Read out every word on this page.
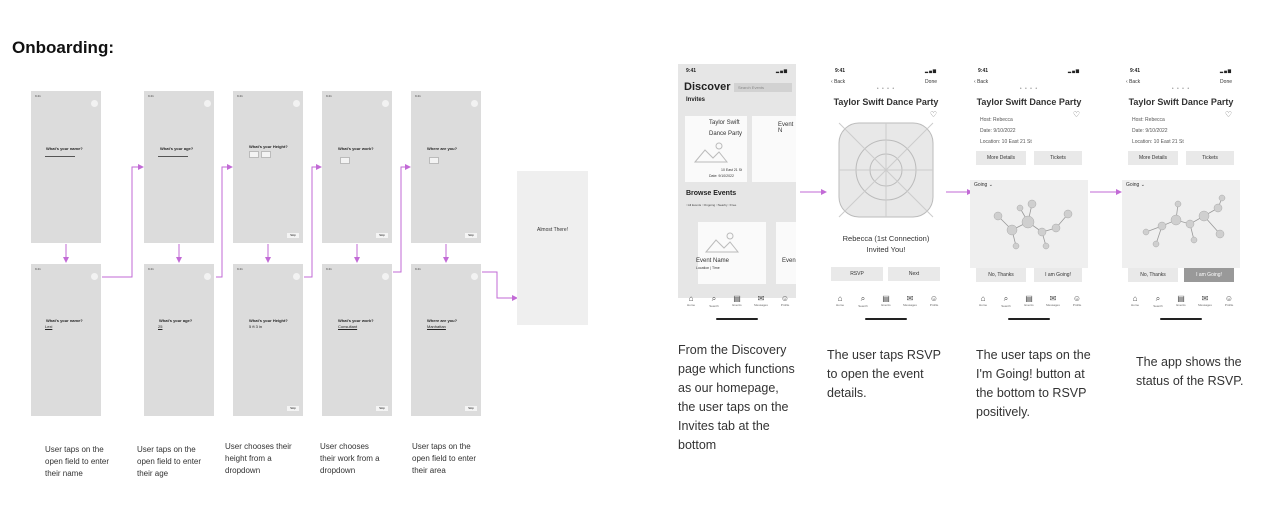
Onboarding:
9:41
What's your name?
9:41
What's your age?
9:41
What's your Height?
Skip
9:41
What's your work?
Skip
9:41
Where are you?
Skip
9:41
What's your name?
Lexi
9:41
What's your age?
25
9:41
What's your Height?
5 ft 3 in
Skip
9:41
What's your work?
Consultant
Skip
9:41
Where are you?
Manhattan
Skip
Almost There!
User taps on the open field to enter their name
User taps on the open field to enter their age
User chooses their height from a dropdown
User chooses their work from a dropdown
User taps on the open field to enter their area
9:41	▂▄▆
Discover	Search Events
Invites
Taylor Swift
Dance Party
10 East 21 St
Date: 9/10/2022
Event N
Browse Events
○All Events ○Ongoing ○Nearby ○Free
Event Name
Location | Time
Even
⌂
Home
⌕
Search
▤
Events
✉
Messages
☺
Profile
9:41	▂▄▆
‹ Back	Done
• • • •
Taylor Swift Dance Party
♡
Rebecca (1st Connection)
Invited You!
RSVP	Next
⌂
Home
⌕
Search
▤
Events
✉
Messages
☺
Profile
9:41	▂▄▆
‹ Back
• • • •
Taylor Swift Dance Party
♡
Host: Rebecca
Date: 9/10/2022
Location: 10 East 21 St
More Details	Tickets
Going ⌄
No, Thanks	I am Going!
⌂
Home
⌕
Search
▤
Events
✉
Messages
☺
Profile
9:41	▂▄▆
‹ Back	Done
• • • •
Taylor Swift Dance Party
♡
Host: Rebecca
Date: 9/10/2022
Location: 10 East 21 St
More Details	Tickets
Going ⌄
No, Thanks	I am Going!
⌂
Home
⌕
Search
▤
Events
✉
Messages
☺
Profile
From the Discovery page which functions as our homepage, the user taps on the Invites tab at the bottom
The user taps RSVP to open the event details.
The user taps on the I'm Going! button at the bottom to RSVP positively.
The app shows the status of the RSVP.
